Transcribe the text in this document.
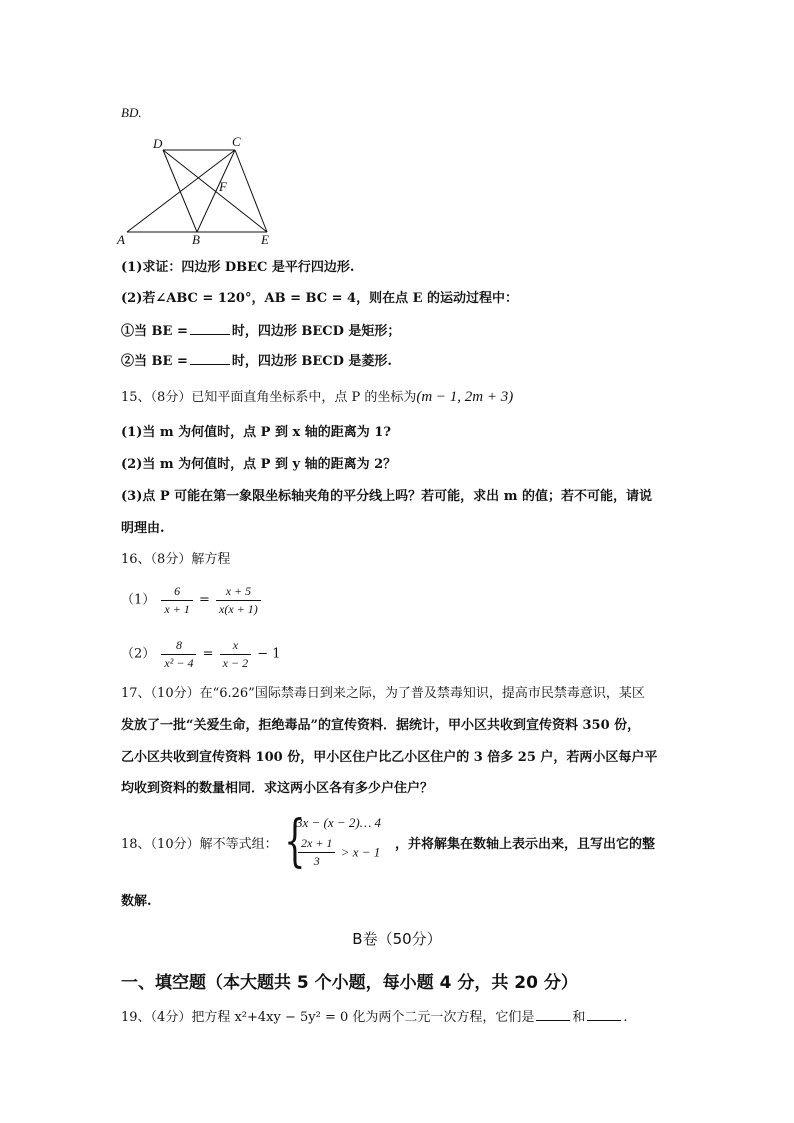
BD.
A	B
C
D
E
F
(1)求证：四边形 DBEC 是平行四边形.
(2)若∠ABC = 120°，AB = BC = 4，则在点 E 的运动过程中：
①当 BE =	时，四边形 BECD 是矩形；
②当 BE =	时，四边形 BECD 是菱形.
15、（8分）已知平面直角坐标系中，点 P 的坐标为(m − 1, 2m + 3)
(1)当 m 为何值时，点 P 到 x 轴的距离为 1?
(2)当 m 为何值时，点 P 到 y 轴的距离为 2？
(3)点 P 可能在第一象限坐标轴夹角的平分线上吗？若可能，求出 m 的值；若不可能，请说
明理由.
16、（8分）解方程
$(1) \frac{6}{x + 1} = \frac{x + 5}{x(x + 1)}$
$(2) \frac{8}{\text{x² − 4}} = \frac{x}{x - 2} - 1$
17、（10分）在“6.26”国际禁毒日到来之际，为了普及禁毒知识，提高市民禁毒意识，某区
发放了一批“关爱生命，拒绝毒品”的宣传资料．据统计，甲小区共收到宣传资料 350 份，
乙小区共收到宣传资料 100 份，甲小区住户比乙小区住户的 3 倍多 25 户，若两小区每户平
均收到资料的数量相同．求这两小区各有多少户住户？
18、（10分）解不等式组： {
3x − (x − 2)… 4
$\frac{2x + 1}{3} > x - 1$ ，并将解集在数轴上表示出来，且写出它的整
数解.
B卷（50分）
一、填空题（本大题共 5 个小题，每小题 4 分，共 20 分）
19、（4分）把方程 x²+4xy − 5y² = 0 化为两个二元一次方程，它们是	和	.
